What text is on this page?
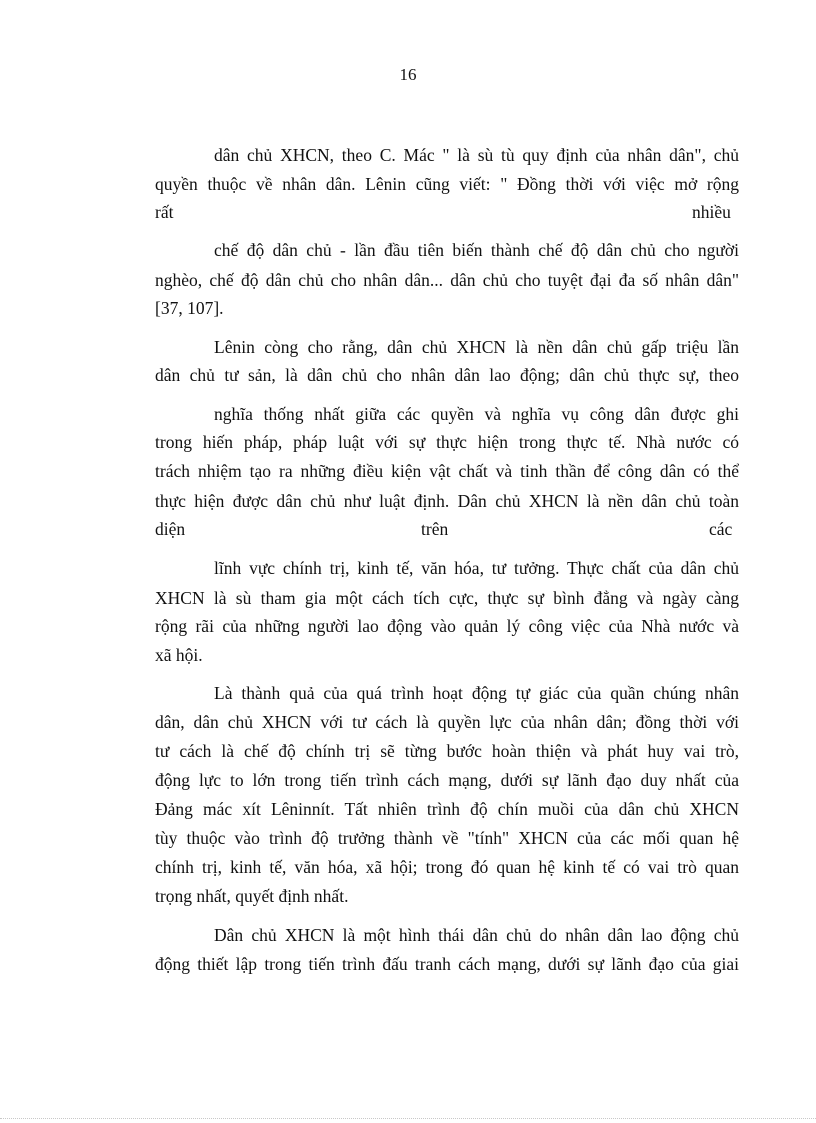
16
dân chủ XHCN, theo C. Mác " là sù tù quy định của nhân dân", chủ
quyền thuộc về nhân dân. Lênin cũng viết: " Đồng thời với việc mở rộng
rất	nhiều
chế độ dân chủ - lần đầu tiên biến thành chế độ dân chủ cho người
nghèo, chế độ dân chủ cho nhân dân... dân chủ cho tuyệt đại đa số nhân dân"
[37, 107].
Lênin còng cho rằng, dân chủ XHCN là nền dân chủ gấp triệu lần
dân chủ tư sản, là dân chủ cho nhân dân lao động; dân chủ thực sự, theo
nghĩa thống nhất giữa các quyền và nghĩa vụ công dân được ghi
trong hiến pháp, pháp luật với sự thực hiện trong thực tế. Nhà nước có
trách nhiệm tạo ra những điều kiện vật chất và tinh thần để công dân có thể
thực hiện được dân chủ như luật định. Dân chủ XHCN là nền dân chủ toàn
diện	trên	các
lĩnh vực chính trị, kinh tế, văn hóa, tư tưởng. Thực chất của dân chủ
XHCN là sù tham gia một cách tích cực, thực sự bình đẳng và ngày càng
rộng rãi của những người lao động vào quản lý công việc của Nhà nước và
xã hội.
Là thành quả của quá trình hoạt động tự giác của quần chúng nhân
dân, dân chủ XHCN với tư cách là quyền lực của nhân dân; đồng thời với
tư cách là chế độ chính trị sẽ từng bước hoàn thiện và phát huy vai trò,
động lực to lớn trong tiến trình cách mạng, dưới sự lãnh đạo duy nhất của
Đảng mác xít Lêninnít. Tất nhiên trình độ chín muồi của dân chủ XHCN
tùy thuộc vào trình độ trưởng thành về "tính" XHCN của các mối quan hệ
chính trị, kinh tế, văn hóa, xã hội; trong đó quan hệ kinh tế có vai trò quan
trọng nhất, quyết định nhất.
Dân chủ XHCN là một hình thái dân chủ do nhân dân lao động chủ
động thiết lập trong tiến trình đấu tranh cách mạng, dưới sự lãnh đạo của giai
